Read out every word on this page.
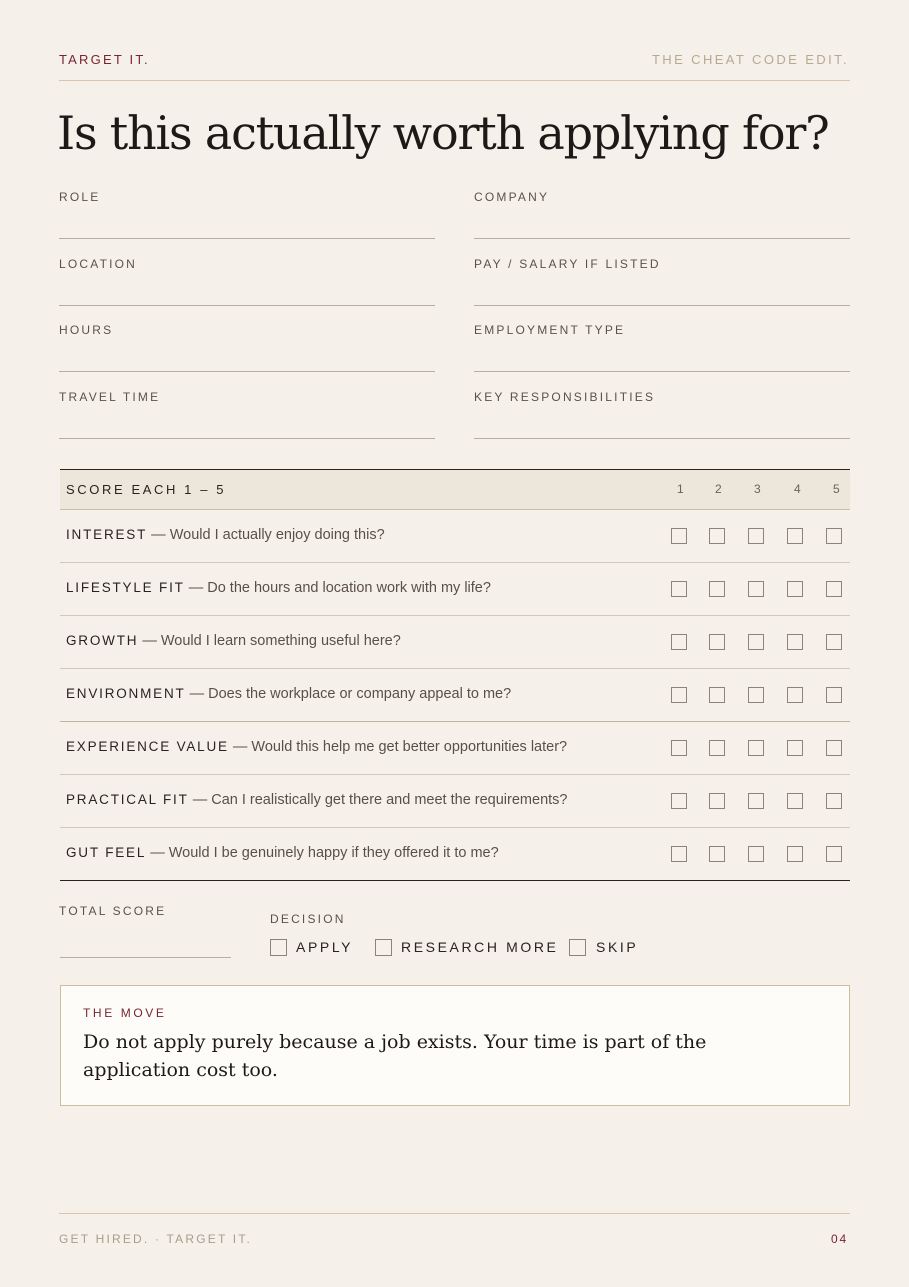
TARGET IT.	THE CHEAT CODE EDIT.
Is this actually worth applying for?
ROLE	COMPANY
LOCATION	PAY / SALARY IF LISTED
HOURS	EMPLOYMENT TYPE
TRAVEL TIME	KEY RESPONSIBILITIES
SCORE EACH 1 – 5	1	2	3	4	5
INTEREST — Would I actually enjoy doing this?
LIFESTYLE FIT — Do the hours and location work with my life?
GROWTH — Would I learn something useful here?
ENVIRONMENT — Does the workplace or company appeal to me?
EXPERIENCE VALUE — Would this help me get better opportunities later?
PRACTICAL FIT — Can I realistically get there and meet the requirements?
GUT FEEL — Would I be genuinely happy if they offered it to me?
TOTAL SCORE
DECISION
APPLY	RESEARCH MORE	SKIP
THE MOVE
Do not apply purely because a job exists. Your time is part of the application cost too.
GET HIRED. · TARGET IT.	04
